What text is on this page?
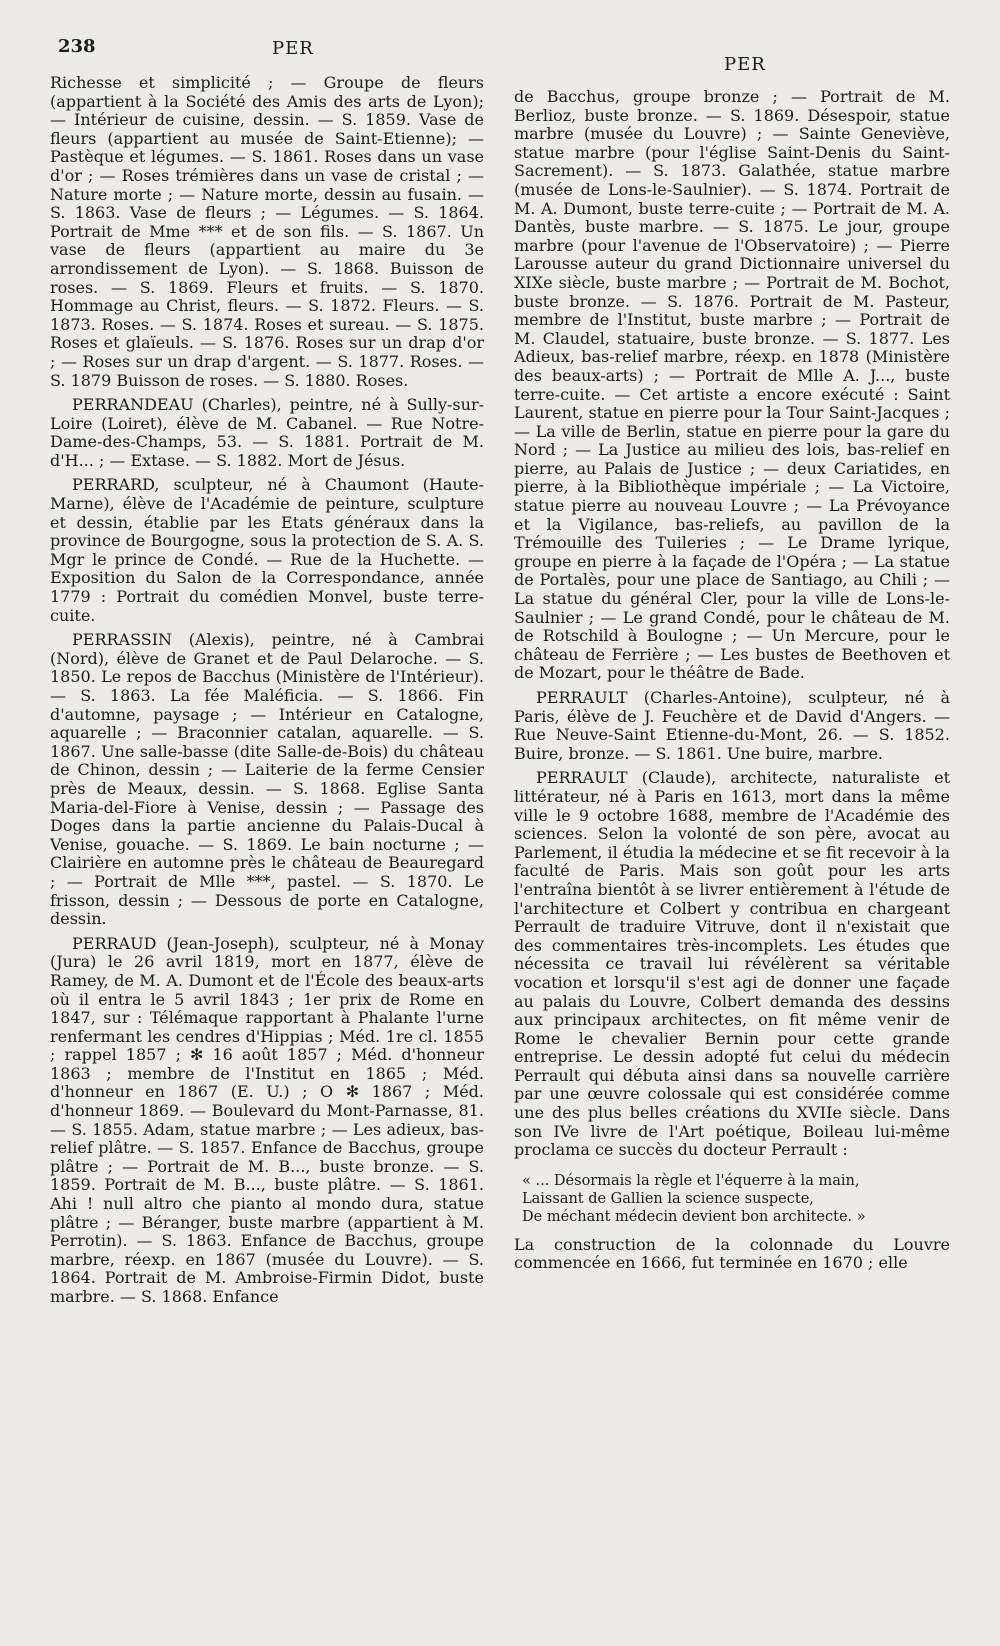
238	PER
PER

Richesse et simplicité ; — Groupe de fleurs (appartient à la Société des Amis des arts de Lyon); — Intérieur de cuisine, dessin. — S. 1859. Vase de fleurs (appartient au musée de Saint-Etienne); — Pastèque et légumes. — S. 1861. Roses dans un vase d'or ; — Roses trémières dans un vase de cristal ; — Nature morte ; — Nature morte, dessin au fusain. — S. 1863. Vase de fleurs ; — Légumes. — S. 1864. Portrait de Mme *** et de son fils. — S. 1867. Un vase de fleurs (appartient au maire du 3e arrondissement de Lyon). — S. 1868. Buisson de roses. — S. 1869. Fleurs et fruits. — S. 1870. Hommage au Christ, fleurs. — S. 1872. Fleurs. — S. 1873. Roses. — S. 1874. Roses et sureau. — S. 1875. Roses et glaïeuls. — S. 1876. Roses sur un drap d'or ; — Roses sur un drap d'argent. — S. 1877. Roses. — S. 1879 Buisson de roses. — S. 1880. Roses.

PERRANDEAU (Charles), peintre, né à Sully-sur-Loire (Loiret), élève de M. Cabanel. — Rue Notre-Dame-des-Champs, 53. — S. 1881. Portrait de M. d'H... ; — Extase. — S. 1882. Mort de Jésus.

PERRARD, sculpteur, né à Chaumont (Haute-Marne), élève de l'Académie de peinture, sculpture et dessin, établie par les Etats généraux dans la province de Bourgogne, sous la protection de S. A. S. Mgr le prince de Condé. — Rue de la Huchette. — Exposition du Salon de la Correspondance, année 1779 : Portrait du comédien Monvel, buste terre-cuite.

PERRASSIN (Alexis), peintre, né à Cambrai (Nord), élève de Granet et de Paul Delaroche. — S. 1850. Le repos de Bacchus (Ministère de l'Intérieur). — S. 1863. La fée Maléficia. — S. 1866. Fin d'automne, paysage ; — Intérieur en Catalogne, aquarelle ; — Braconnier catalan, aquarelle. — S. 1867. Une salle-basse (dite Salle-de-Bois) du château de Chinon, dessin ; — Laiterie de la ferme Censier près de Meaux, dessin. — S. 1868. Eglise Santa Maria-del-Fiore à Venise, dessin ; — Passage des Doges dans la partie ancienne du Palais-Ducal à Venise, gouache. — S. 1869. Le bain nocturne ; — Clairière en automne près le château de Beauregard ; — Portrait de Mlle ***, pastel. — S. 1870. Le frisson, dessin ; — Dessous de porte en Catalogne, dessin.

PERRAUD (Jean-Joseph), sculpteur, né à Monay (Jura) le 26 avril 1819, mort en 1877, élève de Ramey, de M. A. Dumont et de l'École des beaux-arts où il entra le 5 avril 1843 ; 1er prix de Rome en 1847, sur : Télémaque rapportant à Phalante l'urne renfermant les cendres d'Hippias ; Méd. 1re cl. 1855 ; rappel 1857 ; ✻ 16 août 1857 ; Méd. d'honneur 1863 ; membre de l'Institut en 1865 ; Méd. d'honneur en 1867 (E. U.) ; O ✻ 1867 ; Méd. d'honneur 1869. — Boulevard du Mont-Parnasse, 81. — S. 1855. Adam, statue marbre ; — Les adieux, bas-relief plâtre. — S. 1857. Enfance de Bacchus, groupe plâtre ; — Portrait de M. B..., buste bronze. — S. 1859. Portrait de M. B..., buste plâtre. — S. 1861. Ahi ! null altro che pianto al mondo dura, statue plâtre ; — Béranger, buste marbre (appartient à M. Perrotin). — S. 1863. Enfance de Bacchus, groupe marbre, réexp. en 1867 (musée du Louvre). — S. 1864. Portrait de M. Ambroise-Firmin Didot, buste marbre. — S. 1868. Enfance

de Bacchus, groupe bronze ; — Portrait de M. Berlioz, buste bronze. — S. 1869. Désespoir, statue marbre (musée du Louvre) ; — Sainte Geneviève, statue marbre (pour l'église Saint-Denis du Saint-Sacrement). — S. 1873. Galathée, statue marbre (musée de Lons-le-Saulnier). — S. 1874. Portrait de M. A. Dumont, buste terre-cuite ; — Portrait de M. A. Dantès, buste marbre. — S. 1875. Le jour, groupe marbre (pour l'avenue de l'Observatoire) ; — Pierre Larousse auteur du grand Dictionnaire universel du XIXe siècle, buste marbre ; — Portrait de M. Bochot, buste bronze. — S. 1876. Portrait de M. Pasteur, membre de l'Institut, buste marbre ; — Portrait de M. Claudel, statuaire, buste bronze. — S. 1877. Les Adieux, bas-relief marbre, réexp. en 1878 (Ministère des beaux-arts) ; — Portrait de Mlle A. J..., buste terre-cuite. — Cet artiste a encore exécuté : Saint Laurent, statue en pierre pour la Tour Saint-Jacques ; — La ville de Berlin, statue en pierre pour la gare du Nord ; — La Justice au milieu des lois, bas-relief en pierre, au Palais de Justice ; — deux Cariatides, en pierre, à la Bibliothèque impériale ; — La Victoire, statue pierre au nouveau Louvre ; — La Prévoyance et la Vigilance, bas-reliefs, au pavillon de la Trémouille des Tuileries ; — Le Drame lyrique, groupe en pierre à la façade de l'Opéra ; — La statue de Portalès, pour une place de Santiago, au Chili ; — La statue du général Cler, pour la ville de Lons-le-Saulnier ; — Le grand Condé, pour le château de M. de Rotschild à Boulogne ; — Un Mercure, pour le château de Ferrière ; — Les bustes de Beethoven et de Mozart, pour le théâtre de Bade.

PERRAULT (Charles-Antoine), sculpteur, né à Paris, élève de J. Feuchère et de David d'Angers. — Rue Neuve-Saint Etienne-du-Mont, 26. — S. 1852. Buire, bronze. — S. 1861. Une buire, marbre.

PERRAULT (Claude), architecte, naturaliste et littérateur, né à Paris en 1613, mort dans la même ville le 9 octobre 1688, membre de l'Académie des sciences. Selon la volonté de son père, avocat au Parlement, il étudia la médecine et se fit recevoir à la faculté de Paris. Mais son goût pour les arts l'entraîna bientôt à se livrer entièrement à l'étude de l'architecture et Colbert y contribua en chargeant Perrault de traduire Vitruve, dont il n'existait que des commentaires très-incomplets. Les études que nécessita ce travail lui révélèrent sa véritable vocation et lorsqu'il s'est agi de donner une façade au palais du Louvre, Colbert demanda des dessins aux principaux architectes, on fit même venir de Rome le chevalier Bernin pour cette grande entreprise. Le dessin adopté fut celui du médecin Perrault qui débuta ainsi dans sa nouvelle carrière par une œuvre colossale qui est considérée comme une des plus belles créations du XVIIe siècle. Dans son IVe livre de l'Art poétique, Boileau lui-même proclama ce succès du docteur Perrault :

« ... Désormais la règle et l'équerre à la main,
Laissant de Gallien la science suspecte,
De méchant médecin devient bon architecte. »

La construction de la colonnade du Louvre commencée en 1666, fut terminée en 1670 ; elle
